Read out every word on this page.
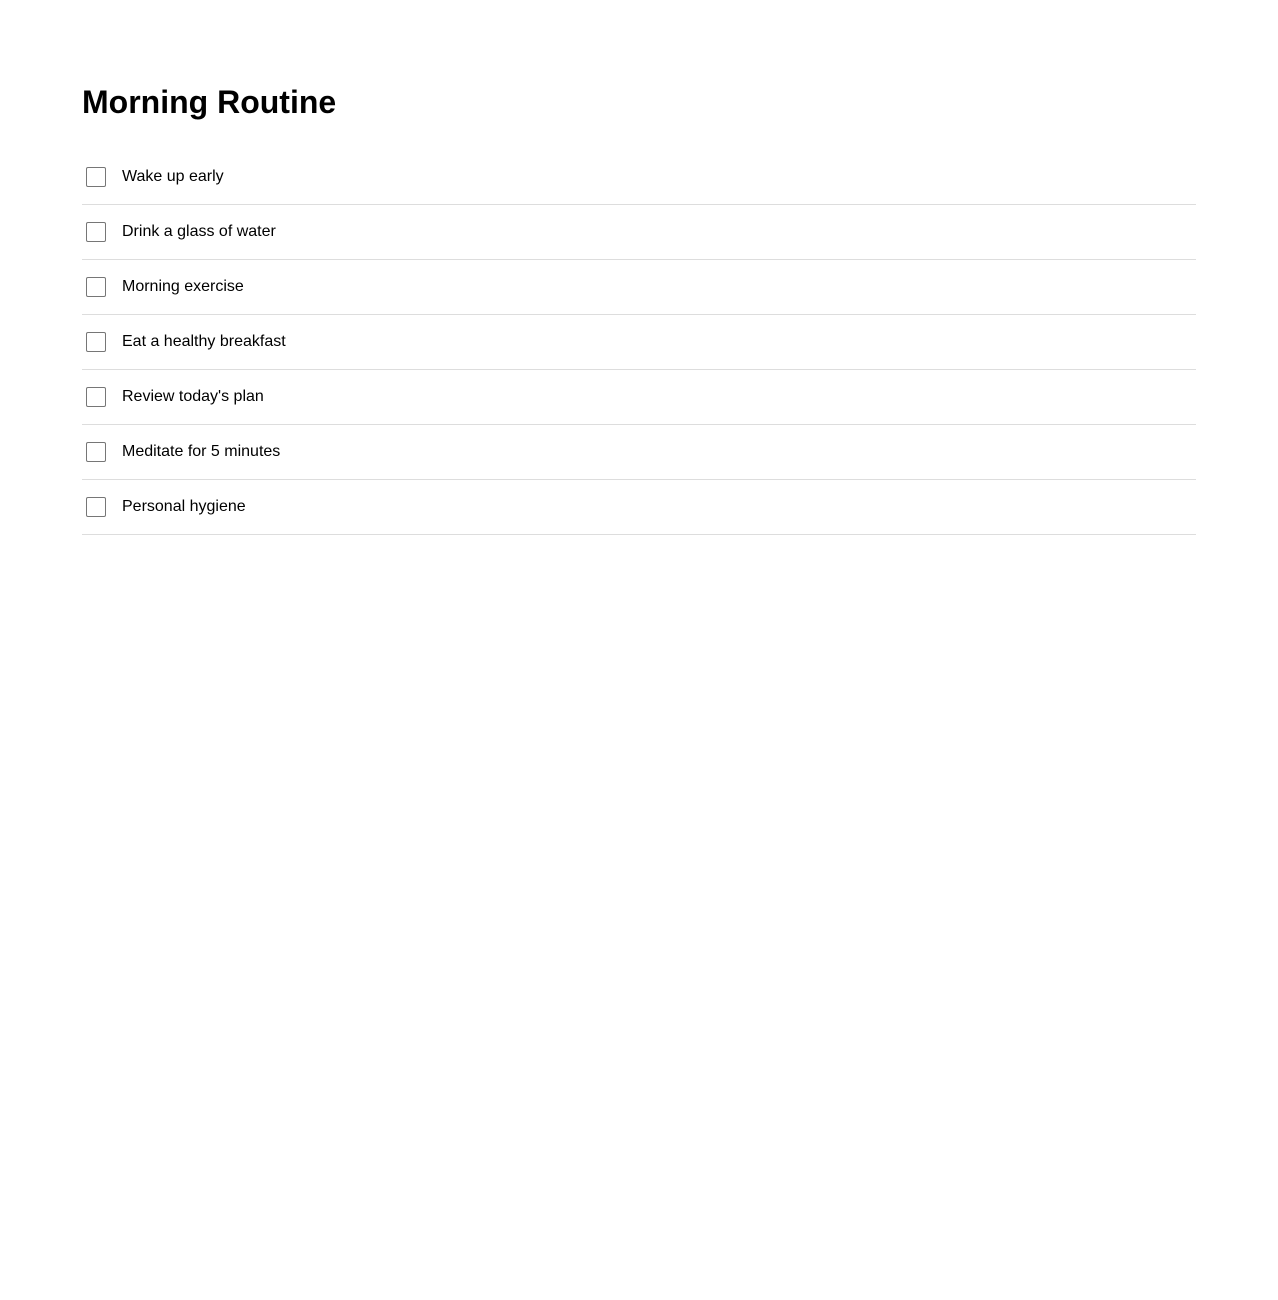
Morning Routine
Wake up early
Drink a glass of water
Morning exercise
Eat a healthy breakfast
Review today's plan
Meditate for 5 minutes
Personal hygiene
